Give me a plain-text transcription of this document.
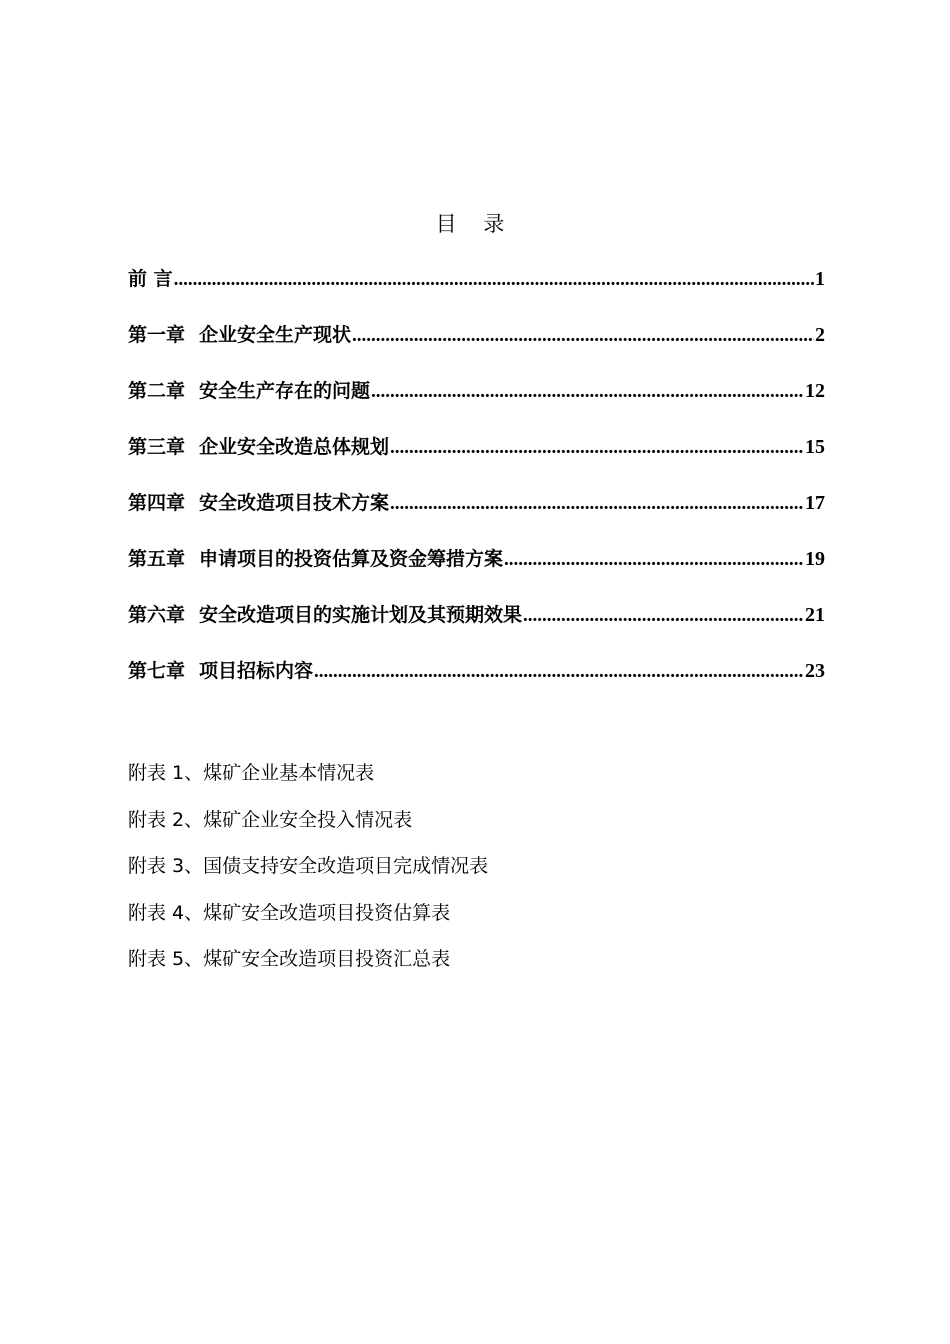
目 录
前 言 .....	1
第一章 企业安全生产现状 .....	2
第二章 安全生产存在的问题 .....	12
第三章 企业安全改造总体规划 .....	15
第四章 安全改造项目技术方案 .....	17
第五章 申请项目的投资估算及资金筹措方案 .....	19
第六章 安全改造项目的实施计划及其预期效果 .....	21
第七章 项目招标内容 .....	23
附表 1、煤矿企业基本情况表
附表 2、煤矿企业安全投入情况表
附表 3、国债支持安全改造项目完成情况表
附表 4、煤矿安全改造项目投资估算表
附表 5、煤矿安全改造项目投资汇总表
